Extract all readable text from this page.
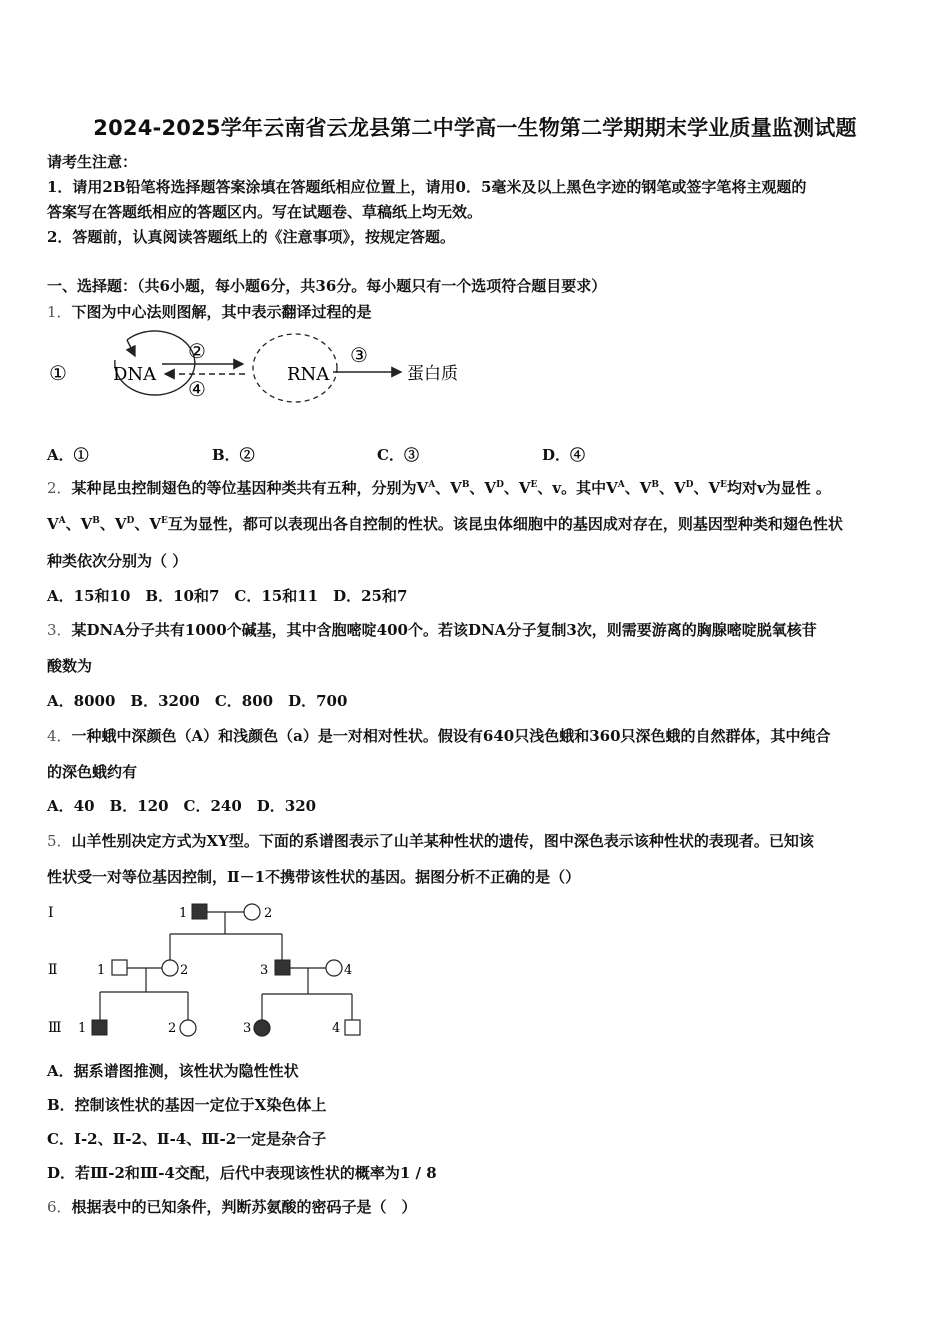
2024-2025学年云南省云龙县第二中学高一生物第二学期期末学业质量监测试题
请考生注意：
1．请用2B铅笔将选择题答案涂填在答题纸相应位置上，请用0．5毫米及以上黑色字迹的钢笔或签字笔将主观题的
答案写在答题纸相应的答题区内。写在试题卷、草稿纸上均无效。
2．答题前，认真阅读答题纸上的《注意事项》，按规定答题。
一、选择题：（共6小题，每小题6分，共36分。每小题只有一个选项符合题目要求）
1．下图为中心法则图解，其中表示翻译过程的是
①	DNA
②
④
RNA
③
蛋白质
A．①	B．②	C．③	D．④
2．某种昆虫控制翅色的等位基因种类共有五种，分别为$V^A$、$V^B$、$V^D$、$V^E$、v。其中$V^A$、$V^B$、$V^D$、$V^E$均对v为显性 。
$V^A$、$V^B$、$V^D$、$V^E$互为显性，都可以表现出各自控制的性状。该昆虫体细胞中的基因成对存在，则基因型种类和翅色性状
种类依次分别为（ ）
A．15和10　B．10和7　C．15和11　D．25和7
3．某DNA分子共有1000个碱基，其中含胞嘧啶400个。若该DNA分子复制3次，则需要游离的胸腺嘧啶脱氧核苷
酸数为
A．8000　B．3200　C．800　D．700
4．一种蛾中深颜色（A）和浅颜色（a）是一对相对性状。假设有640只浅色蛾和360只深色蛾的自然群体，其中纯合
的深色蛾约有
A．40　B．120　C．240　D．320
5．山羊性别决定方式为XY型。下面的系谱图表示了山羊某种性状的遗传，图中深色表示该种性状的表现者。已知该
性状受一对等位基因控制，Ⅱ－1不携带该性状的基因。据图分析不正确的是（）
Ⅰ
Ⅱ
Ⅲ
1	2
1	2	3	4
1	2	3	4
A．据系谱图推测，该性状为隐性性状
B．控制该性状的基因一定位于X染色体上
C．I-2、Ⅱ-2、Ⅱ-4、Ⅲ-2一定是杂合子
D．若Ⅲ-2和Ⅲ-4交配，后代中表现该性状的概率为1 / 8
6．根据表中的已知条件，判断苏氨酸的密码子是（　）
